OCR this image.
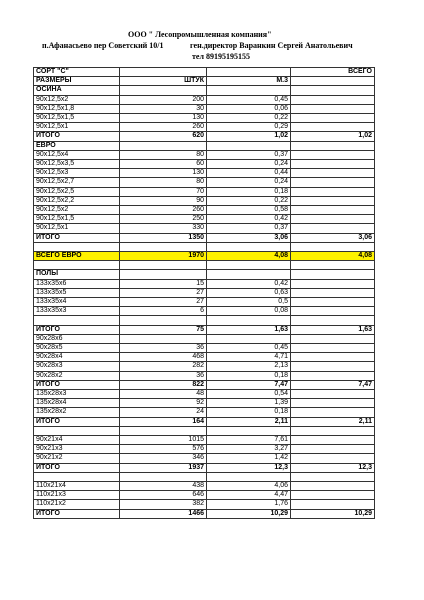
ООО " Лесопромышленная компания"
п.Афанасьево пер Советский 10/1	ген.директор Варанкин Сергей Анатольевич
тел 89195195155
СОРТ "С"			ВСЕГО
РАЗМЕРЫ	ШТУК	М.3	
ОСИНА			
90х12,5х2	200	0,45	
90х12,5х1,8	30	0,06	
90х12,5х1,5	130	0,22	
90х12,5х1	260	0,29	
ИТОГО	620	1,02	1,02
ЕВРО			
90х12,5х4	80	0,37	
90х12,5х3,5	60	0,24	
90х12,5х3	130	0,44	
90х12,5х2,7	80	0,24	
90х12,5х2,5	70	0,18	
90х12,5х2,2	90	0,22	
90х12,5х2	260	0,58	
90х12,5х1,5	250	0,42	
90х12,5х1	330	0,37	
ИТОГО	1350	3,06	3,06

ВСЕГО ЕВРО	1970	4,08	4,08

ПОЛЫ			
133х35х6	15	0,42	
133х35х5	27	0,63	
133х35х4	27	0,5	
133х35х3	6	0,08	

ИТОГО	75	1,63	1,63
90х28х6			
90х28х5	36	0,45	
90х28х4	468	4,71	
90х28х3	282	2,13	
90х28х2	36	0,18	
ИТОГО	822	7,47	7,47
135х28х3	48	0,54	
135х28х4	92	1,39	
135х28х2	24	0,18	
ИТОГО	164	2,11	2,11

90х21х4	1015	7,61	
90х21х3	576	3,27	
90х21х2	346	1,42	
ИТОГО	1937	12,3	12,3

110х21х4	438	4,06	
110х21х3	646	4,47	
110х21х2	382	1,76	
ИТОГО	1466	10,29	10,29
